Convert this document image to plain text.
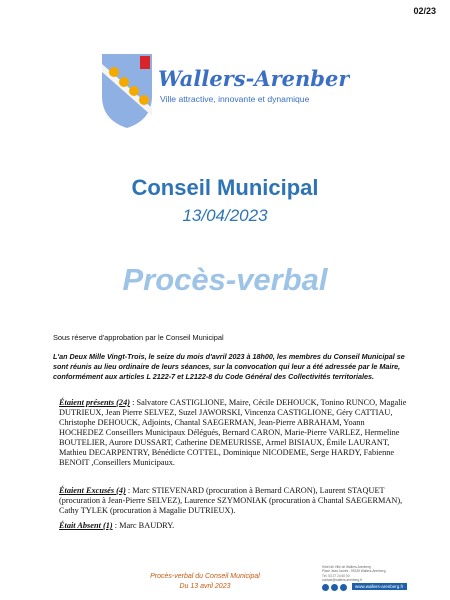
02/23
Wallers-Arenberg
Ville attractive, innovante et dynamique
Conseil Municipal
13/04/2023
Procès-verbal
Sous réserve d'approbation par le Conseil Municipal
L'an Deux Mille Vingt-Trois, le seize du mois d'avril 2023 à 18h00, les membres du Conseil Municipal se sont réunis au lieu ordinaire de leurs séances, sur la convocation qui leur a été adressée par le Maire, conformément aux articles L 2122-7 et L2122-8 du Code Général des Collectivités territoriales.
Étaient présents (24) : Salvatore CASTIGLIONE, Maire, Cécile DEHOUCK, Tonino RUNCO, Magalie DUTRIEUX, Jean Pierre SELVEZ, Suzel JAWORSKI, Vincenza CASTIGLIONE, Géry CATTIAU, Christophe DEHOUCK, Adjoints, Chantal SAEGERMAN, Jean-Pierre ABRAHAM, Yoann HOCHEDEZ Conseillers Municipaux Délégués, Bernard CARON, Marie-Pierre VARLEZ, Hermeline BOUTELIER, Aurore DUSSART, Catherine DEMEURISSE, Armel BISIAUX, Émile LAURANT, Mathieu DECARPENTRY, Bénédicte COTTEL, Dominique NICODEME, Serge HARDY, Fabienne BENOIT ,Conseillers Municipaux.
Étaient Excusés (4) : Marc STIEVENARD (procuration à Bernard CARON), Laurent STAQUET (procuration à Jean-Pierre SELVEZ), Laurence SZYMONIAK (procuration à Chantal SAEGERMAN), Cathy TYLEK (procuration à Magalie DUTRIEUX).
Était Absent (1) : Marc BAUDRY.
Procès-verbal du Conseil Municipal
Du 13 avril 2023
Hôtel de Ville de Wallers-Arenberg
Place Jean Jaurès - 59135 Wallers-Arenberg
Tél. 03 27 24 60 00
contact@wallers-arenberg.fr
www.wallers-arenberg.fr
